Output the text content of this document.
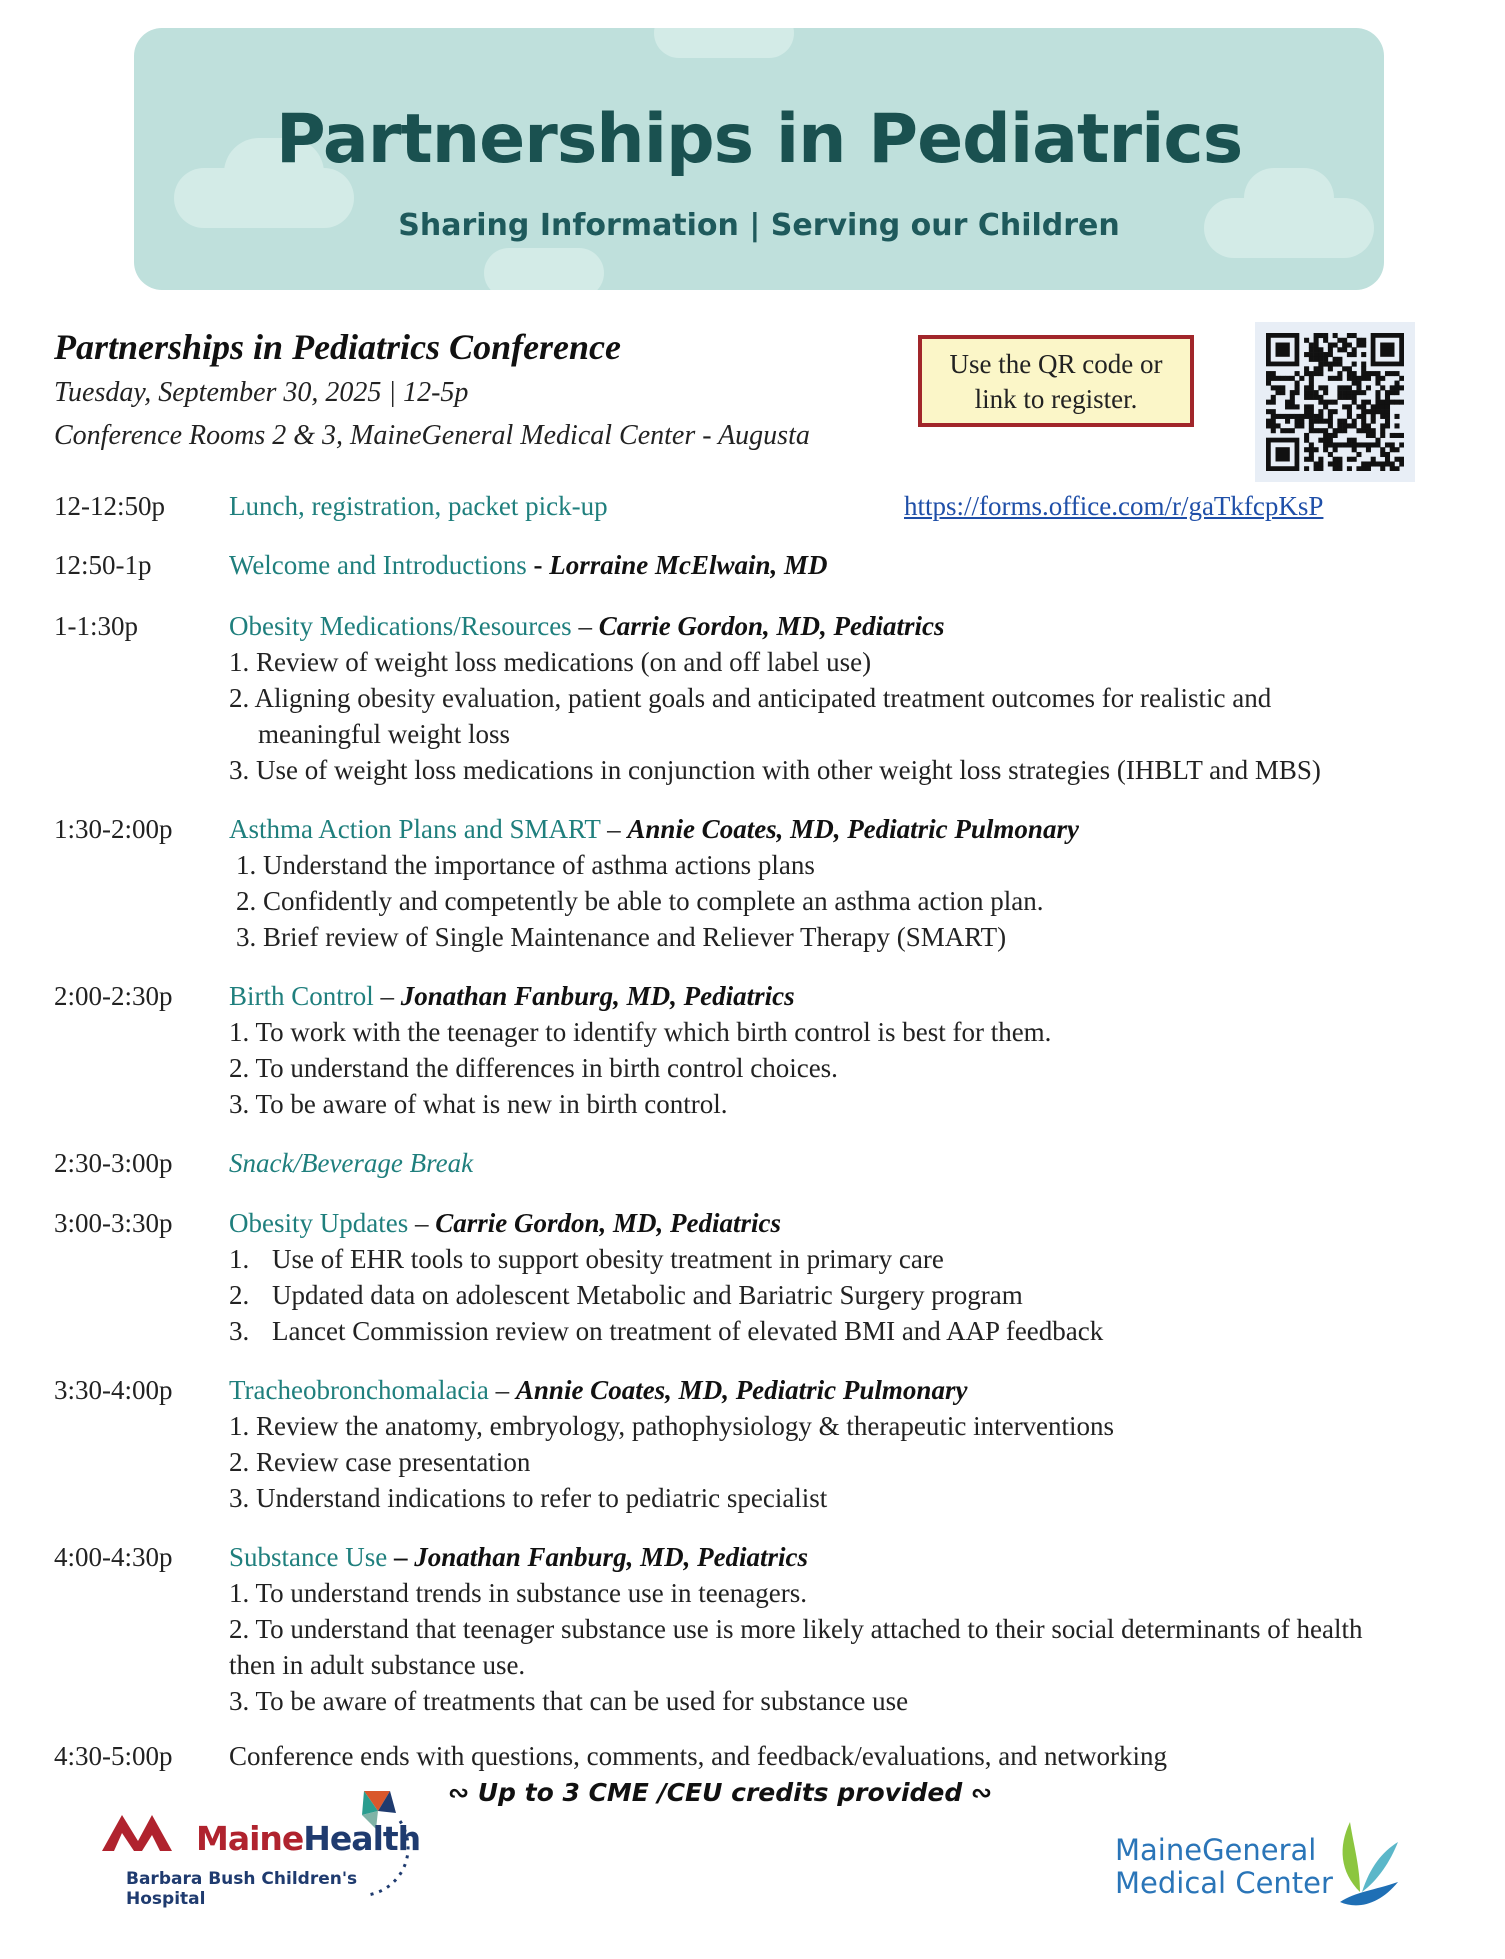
Partnerships in Pediatrics
Sharing Information | Serving our Children
Partnerships in Pediatrics Conference
Tuesday, September 30, 2025 | 12-5p
Conference Rooms 2 & 3, MaineGeneral Medical Center - Augusta
Use the QR code or
link to register.
https://forms.office.com/r/gaTkfcpKsP
12-12:50p Lunch, registration, packet pick-up
12:50-1p	Welcome and Introductions - Lorraine McElwain, MD
1-1:30p	Obesity Medications/Resources – Carrie Gordon, MD, Pediatrics
1. Review of weight loss medications (on and off label use)
2. Aligning obesity evaluation, patient goals and anticipated treatment outcomes for realistic and
meaningful weight loss
3. Use of weight loss medications in conjunction with other weight loss strategies (IHBLT and MBS)
1:30-2:00p Asthma Action Plans and SMART – Annie Coates, MD, Pediatric Pulmonary
1. Understand the importance of asthma actions plans
2. Confidently and competently be able to complete an asthma action plan.
3. Brief review of Single Maintenance and Reliever Therapy (SMART)
2:00-2:30p Birth Control – Jonathan Fanburg, MD, Pediatrics
1. To work with the teenager to identify which birth control is best for them.
2. To understand the differences in birth control choices.
3. To be aware of what is new in birth control.
2:30-3:00p Snack/Beverage Break
3:00-3:30p Obesity Updates – Carrie Gordon, MD, Pediatrics
1. Use of EHR tools to support obesity treatment in primary care
2. Updated data on adolescent Metabolic and Bariatric Surgery program
3. Lancet Commission review on treatment of elevated BMI and AAP feedback
3:30-4:00p Tracheobronchomalacia – Annie Coates, MD, Pediatric Pulmonary
1. Review the anatomy, embryology, pathophysiology & therapeutic interventions
2. Review case presentation
3. Understand indications to refer to pediatric specialist
4:00-4:30p Substance Use – Jonathan Fanburg, MD, Pediatrics
1. To understand trends in substance use in teenagers.
2. To understand that teenager substance use is more likely attached to their social determinants of health
then in adult substance use.
3. To be aware of treatments that can be used for substance use
4:30-5:00p Conference ends with questions, comments, and feedback/evaluations, and networking
∾ Up to 3 CME /CEU credits provided ∾
MaineHealth
Barbara Bush Children's Hospital
MaineGeneral
Medical Center
